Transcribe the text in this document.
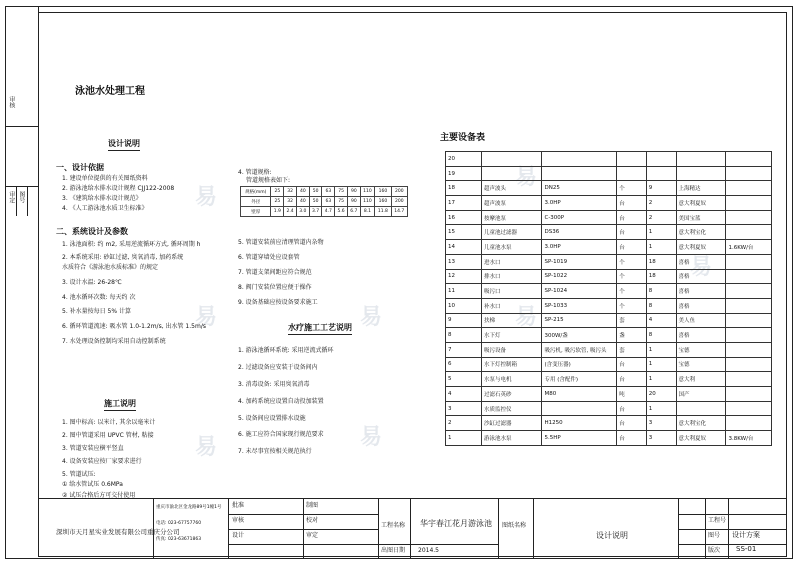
审核
审定 图号	易
易
易
易
易
易
易
易
泳池水处理工程
设计说明
一、设计依据
1. 建设单位提供的有关图纸资料
2. 游泳池给水排水设计规程 CJJ122-2008
3. 《建筑给水排水设计规范》
4. 《人工游泳池水质卫生标准》
二、系统设计及参数
1. 泳池面积: 约 m2, 采用逆流循环方式, 循环周期 h
2. 本系统采用: 砂缸过滤, 臭氧消毒, 加药系统
水质符合《游泳池水质标准》的规定
3. 设计水温: 26-28℃
4. 池水循环次数: 每天约 次
5. 补水量按每日 5% 计算
6. 循环管道流速: 吸水管 1.0-1.2m/s, 出水管 1.5m/s
7. 水处理设备控制均采用自动控制系统
施工说明
1. 图中标高: 以米计, 其余以毫米计
2. 图中管道采用 UPVC 管材, 粘接
3. 管道安装应横平竖直
4. 设备安装应按厂家要求进行
5. 管道试压:
① 给水管试压 0.6MPa
② 试压合格后方可交付使用
4. 管道规格:
管道规格表如下:
规格(mm)	25	32	40	50	63	75	90	110	160	200
外径	25	32	40	50	63	75	90	110	160	200
壁厚	1.9	2.4	3.0	3.7	4.7	5.6	6.7	8.1	11.8	14.7
5. 管道安装前应清理管道内杂物
6. 管道穿墙处应设套管
7. 管道支架间距应符合规范
8. 阀门安装位置应便于操作
9. 设备基础应按设备要求施工
水疗施工工艺说明
1. 游泳池循环系统: 采用逆流式循环
2. 过滤设备应安装于设备间内
3. 消毒设备: 采用臭氧消毒
4. 加药系统应设置自动投加装置
5. 设备间应设置排水设施
6. 施工应符合国家现行规范要求
7. 未尽事宜按相关规范执行
主要设备表
20						
19						
18	超声波头	DN25	个	9	上海精达	
17	超声波泵	3.0HP	台	2	意大利夏奴	
16	按摩池泵	C-300P	台	2	美国宝蓝	
15	儿童池过滤器	DS36	台	1	意大利宝化	
14	儿童池水泵	3.0HP	台	1	意大利夏奴	1.6KW/台
13	进水口	SP-1019	个	18	喜格	
12	排水口	SP-1022	个	18	喜格	
11	吸污口	SP-1024	个	8	喜格	
10	补水口	SP-1033	个	8	喜格	
9	扶梯	SP-215	套	4	美人鱼	
8	水下灯	300W/盏	盏	8	喜格	
7	吸污设备	吸污机, 吸污软管, 吸污头	套	1	宝德	
6	水下灯控制箱	(含变压器)	台	1	宝德	
5	水泵与电机	专用 (含配件)	台	1	意大利	
4	过滤石英砂	M80	吨	20	国产	
3	水质监控仪		台	1		
2	沙缸过滤器	H1250	台	3	意大利宝化	
1	游泳池水泵	5.5HP	台	3	意大利夏奴	3.8KW/台
深圳市天月星实业发展有限公司重庆分公司
重庆市渝北区金龙路89号1幢1号
电话: 023-67757760
传真: 023-63671863
批准
审核
设计
制图
校对
审定
工程名称 华宇春江花月游泳池
出图日期 2014.5
图纸名称
设计说明
工程号
图号
版次
设计方案
SS-01
